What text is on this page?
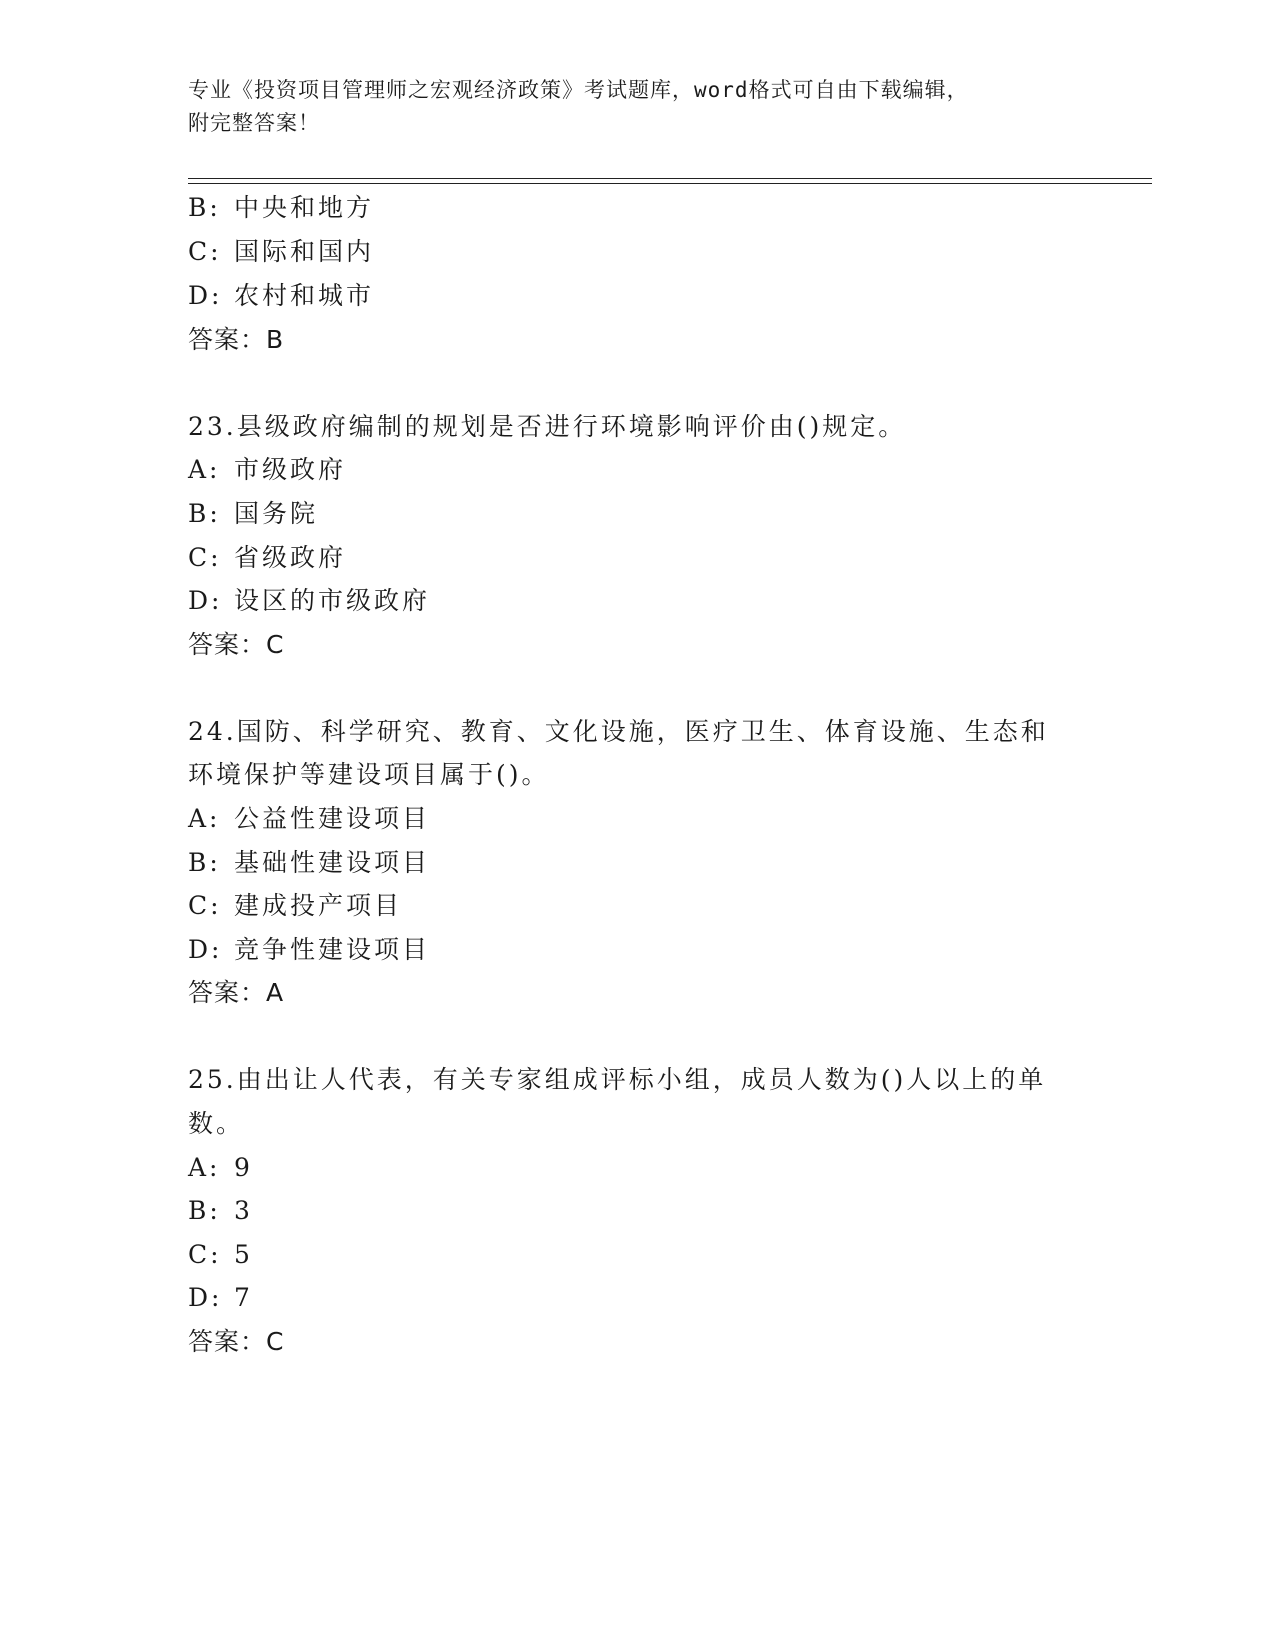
专业《投资项目管理师之宏观经济政策》考试题库，word格式可自由下载编辑，
附完整答案！
B: 中央和地方
C: 国际和国内
D: 农村和城市
答案：B
23.县级政府编制的规划是否进行环境影响评价由()规定。
A: 市级政府
B: 国务院
C: 省级政府
D: 设区的市级政府
答案：C
24.国防、科学研究、教育、文化设施，医疗卫生、体育设施、生态和
环境保护等建设项目属于()。
A: 公益性建设项目
B: 基础性建设项目
C: 建成投产项目
D: 竞争性建设项目
答案：A
25.由出让人代表，有关专家组成评标小组，成员人数为()人以上的单
数。
A: 9
B: 3
C: 5
D: 7
答案：C
